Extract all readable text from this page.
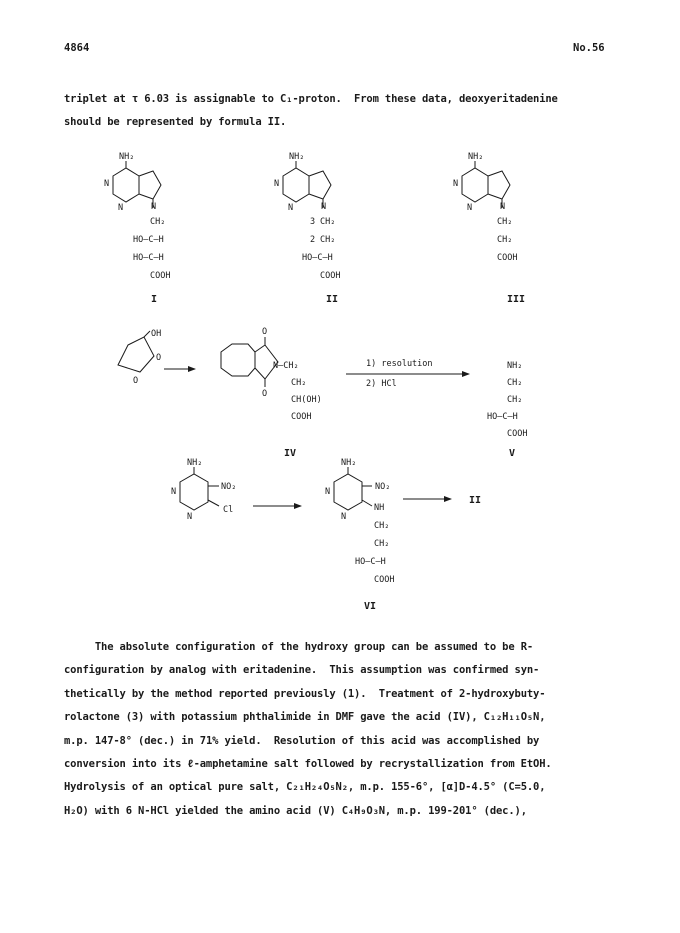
4864	No.56
triplet at τ 6.03 is assignable to C₁-proton.  From these data, deoxyeritadenine
should be represented by formula II.
NH₂
N
N	N
NH₂
N
N	N
NH₂
N
N	N
OH
O
O
O
O
NH₂
N
N
NO₂
Cl
NH₂
N
N
NO₂
CH₂
HO–C–H
HO–C–H
COOH
3
2
CH₂
CH₂
HO–C–H
COOH
CH₂
CH₂
COOH
N–CH₂
CH₂
CH(OH)
COOH
NH₂
CH₂
CH₂
HO–C–H
COOH
NH
CH₂
CH₂
HO–C–H
COOH
1) resolution
2) HCl
I	II	III
IV	V
VI
II
The absolute configuration of the hydroxy group can be assumed to be R-
configuration by analog with eritadenine.  This assumption was confirmed syn-
thetically by the method reported previously (1).  Treatment of 2-hydroxybuty-
rolactone (3) with potassium phthalimide in DMF gave the acid (IV), C₁₂H₁₁O₅N,
m.p. 147-8° (dec.) in 71% yield.  Resolution of this acid was accomplished by
conversion into its ℓ-amphetamine salt followed by recrystallization from EtOH.
Hydrolysis of an optical pure salt, C₂₁H₂₄O₅N₂, m.p. 155-6°, [α]D-4.5° (C=5.0,
H₂O) with 6 N-HCl yielded the amino acid (V) C₄H₉O₃N, m.p. 199-201° (dec.),
